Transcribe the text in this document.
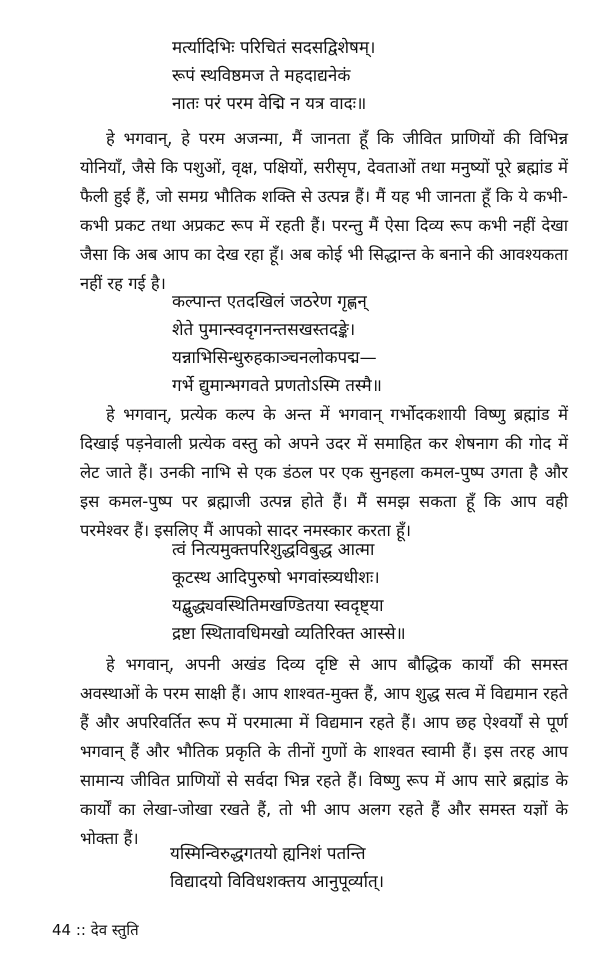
मर्त्यादिभिः परिचितं सदसद्विशेषम्।
रूपं स्थविष्ठमज ते महदाद्यनेकं
नातः परं परम वेद्मि न यत्र वादः॥
हे भगवान्, हे परम अजन्मा, मैं जानता हूँ कि जीवित प्राणियों की विभिन्न योनियाँ, जैसे कि पशुओं, वृक्ष, पक्षियों, सरीसृप, देवताओं तथा मनुष्यों पूरे ब्रह्मांड में फैली हुई हैं, जो समग्र भौतिक शक्ति से उत्पन्न हैं। मैं यह भी जानता हूँ कि ये कभी-कभी प्रकट तथा अप्रकट रूप में रहती हैं। परन्तु मैं ऐसा दिव्य रूप कभी नहीं देखा जैसा कि अब आप का देख रहा हूँ। अब कोई भी सिद्धान्त के बनाने की आवश्यकता नहीं रह गई है।
कल्पान्त एतदखिलं जठरेण गृह्णन्
शेते पुमान्स्वदृगनन्तसखस्तदङ्के।
यन्नाभिसिन्धुरुहकाञ्चनलोकपद्म—
गर्भे द्युमान्भगवते प्रणतोऽस्मि तस्मै॥
हे भगवान्, प्रत्येक कल्प के अन्त में भगवान् गर्भोदकशायी विष्णु ब्रह्मांड में दिखाई पड़नेवाली प्रत्येक वस्तु को अपने उदर में समाहित कर शेषनाग की गोद में लेट जाते हैं। उनकी नाभि से एक डंठल पर एक सुनहला कमल-पुष्प उगता है और इस कमल-पुष्प पर ब्रह्माजी उत्पन्न होते हैं। मैं समझ सकता हूँ कि आप वही परमेश्वर हैं। इसलिए मैं आपको सादर नमस्कार करता हूँ।
त्वं नित्यमुक्तपरिशुद्धविबुद्ध आत्मा
कूटस्थ आदिपुरुषो भगवांस्त्र्यधीशः।
यद्बुद्ध्यवस्थितिमखण्डितया स्वदृष्ट्या
द्रष्टा स्थितावधिमखो व्यतिरिक्त आस्से॥
हे भगवान्, अपनी अखंड दिव्य दृष्टि से आप बौद्धिक कार्यों की समस्त अवस्थाओं के परम साक्षी हैं। आप शाश्वत-मुक्त हैं, आप शुद्ध सत्व में विद्यमान रहते हैं और अपरिवर्तित रूप में परमात्मा में विद्यमान रहते हैं। आप छह ऐश्वर्यों से पूर्ण भगवान् हैं और भौतिक प्रकृति के तीनों गुणों के शाश्वत स्वामी हैं। इस तरह आप सामान्य जीवित प्राणियों से सर्वदा भिन्न रहते हैं। विष्णु रूप में आप सारे ब्रह्मांड के कार्यों का लेखा-जोखा रखते हैं, तो भी आप अलग रहते हैं और समस्त यज्ञों के भोक्ता हैं।
यस्मिन्विरुद्धगतयो ह्यनिशं पतन्ति
विद्यादयो विविधशक्तय आनुपूर्व्यात्।
44 :: देव स्तुति
